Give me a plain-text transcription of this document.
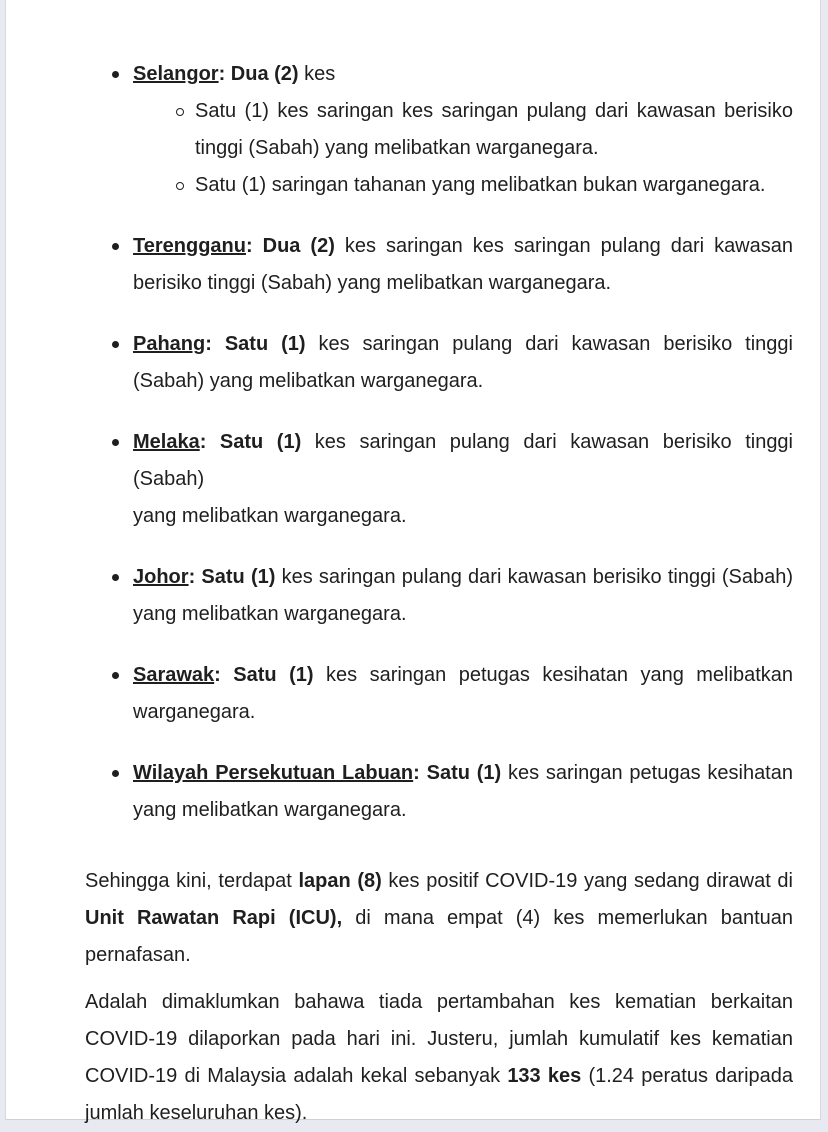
Selangor: Dua (2) kes
Satu (1) kes saringan kes saringan pulang dari kawasan berisiko
tinggi (Sabah) yang melibatkan warganegara.
Satu (1) saringan tahanan yang melibatkan bukan warganegara.
Terengganu: Dua (2) kes saringan kes saringan pulang dari kawasan
berisiko tinggi (Sabah) yang melibatkan warganegara.
Pahang: Satu (1) kes saringan pulang dari kawasan berisiko tinggi
(Sabah) yang melibatkan warganegara.
Melaka: Satu (1) kes saringan pulang dari kawasan berisiko tinggi (Sabah)
yang melibatkan warganegara.
Johor: Satu (1) kes saringan pulang dari kawasan berisiko tinggi (Sabah)
yang melibatkan warganegara.
Sarawak: Satu (1) kes saringan petugas kesihatan yang melibatkan
warganegara.
Wilayah Persekutuan Labuan: Satu (1) kes saringan petugas kesihatan
yang melibatkan warganegara.
Sehingga kini, terdapat lapan (8) kes positif COVID-19 yang sedang dirawat di
Unit Rawatan Rapi (ICU), di mana empat (4) kes memerlukan bantuan
pernafasan.
Adalah dimaklumkan bahawa tiada pertambahan kes kematian berkaitan
COVID-19 dilaporkan pada hari ini. Justeru, jumlah kumulatif kes kematian
COVID-19 di Malaysia adalah kekal sebanyak 133 kes (1.24 peratus daripada
jumlah keseluruhan kes).
